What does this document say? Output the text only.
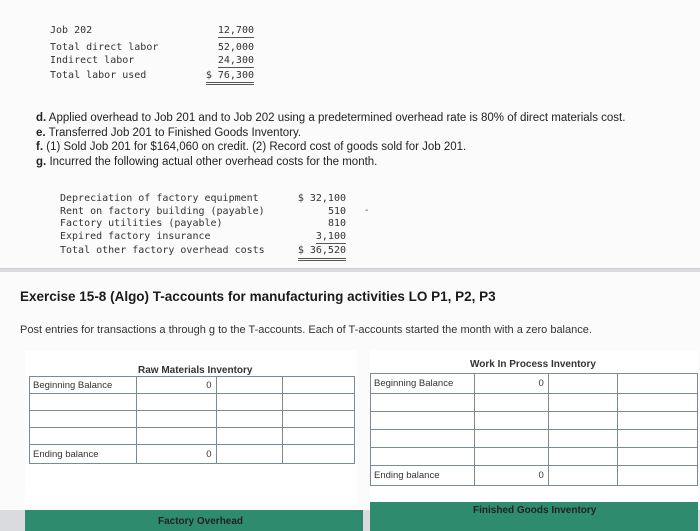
Job 202	12,700
Total direct labor	52,000
Indirect labor	24,300
Total labor used	$ 76,300
d. Applied overhead to Job 201 and to Job 202 using a predetermined overhead rate is 80% of direct materials cost.
e. Transferred Job 201 to Finished Goods Inventory.
f. (1) Sold Job 201 for $164,060 on credit. (2) Record cost of goods sold for Job 201.
g. Incurred the following actual other overhead costs for the month.
Depreciation of factory equipment	$ 32,100
Rent on factory building (payable)	510
Factory utilities (payable)	810
Expired factory insurance	3,100
Total other factory overhead costs	$ 36,520
-
Exercise 15-8 (Algo) T-accounts for manufacturing activities LO P1, P2, P3
Post entries for transactions a through g to the T-accounts. Each of T-accounts started the month with a zero balance.
Raw Materials Inventory
Beginning Balance	0		

Ending balance	0		
Work In Process Inventory
Beginning Balance	0		

Ending balance	0		
Factory Overhead
Finished Goods Inventory
